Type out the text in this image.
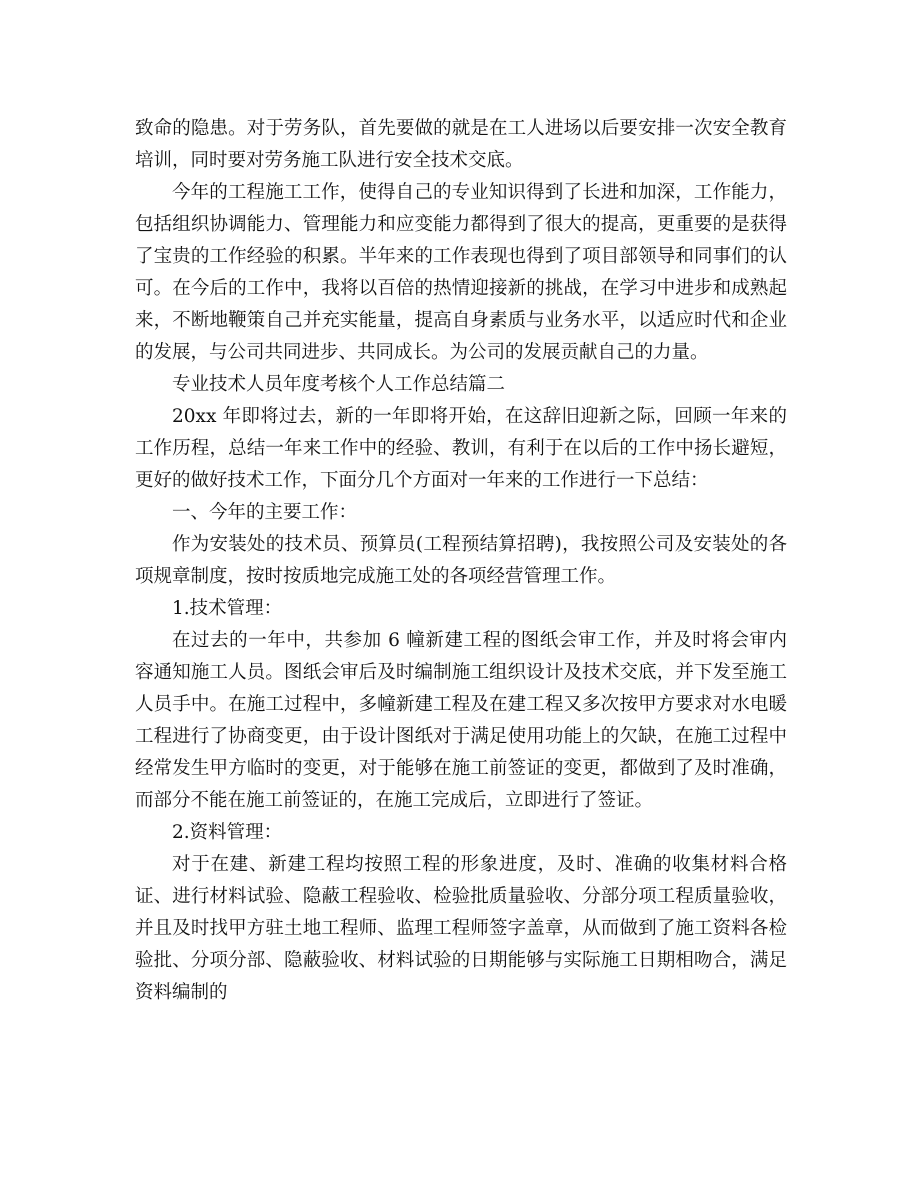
致命的隐患。对于劳务队，首先要做的就是在工人进场以后要安排一次安全教育培训，同时要对劳务施工队进行安全技术交底。

今年的工程施工工作，使得自己的专业知识得到了长进和加深，工作能力，包括组织协调能力、管理能力和应变能力都得到了很大的提高，更重要的是获得了宝贵的工作经验的积累。半年来的工作表现也得到了项目部领导和同事们的认可。在今后的工作中，我将以百倍的热情迎接新的挑战，在学习中进步和成熟起来，不断地鞭策自己并充实能量，提高自身素质与业务水平，以适应时代和企业的发展，与公司共同进步、共同成长。为公司的发展贡献自己的力量。

专业技术人员年度考核个人工作总结篇二

20xx 年即将过去，新的一年即将开始，在这辞旧迎新之际，回顾一年来的工作历程，总结一年来工作中的经验、教训，有利于在以后的工作中扬长避短，更好的做好技术工作，下面分几个方面对一年来的工作进行一下总结：

一、今年的主要工作：

作为安装处的技术员、预算员(工程预结算招聘)，我按照公司及安装处的各项规章制度，按时按质地完成施工处的各项经营管理工作。

1.技术管理：

在过去的一年中，共参加 6 幢新建工程的图纸会审工作，并及时将会审内容通知施工人员。图纸会审后及时编制施工组织设计及技术交底，并下发至施工人员手中。在施工过程中，多幢新建工程及在建工程又多次按甲方要求对水电暖工程进行了协商变更，由于设计图纸对于满足使用功能上的欠缺，在施工过程中经常发生甲方临时的变更，对于能够在施工前签证的变更，都做到了及时准确，而部分不能在施工前签证的，在施工完成后，立即进行了签证。

2.资料管理：

对于在建、新建工程均按照工程的形象进度，及时、准确的收集材料合格证、进行材料试验、隐蔽工程验收、检验批质量验收、分部分项工程质量验收，并且及时找甲方驻土地工程师、监理工程师签字盖章，从而做到了施工资料各检验批、分项分部、隐蔽验收、材料试验的日期能够与实际施工日期相吻合，满足资料编制的
